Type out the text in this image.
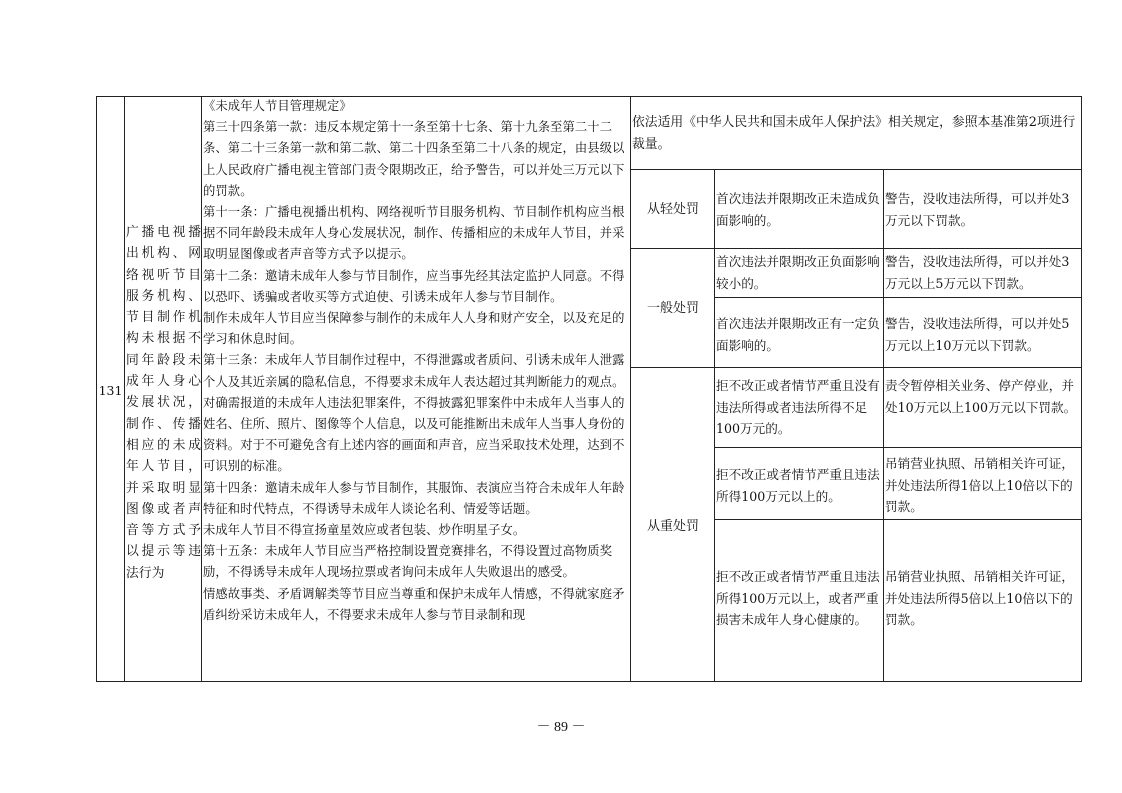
131
广播电视播出机构、网络视听节目服务机构、节目制作机构未根据不同年龄段未成年人身心发展状况，制作、传播相应的未成年人节目，并采取明显图像或者声音等方式予以提示等违法行为

《未成年人节目管理规定》

第三十四条第一款：违反本规定第十一条至第十七条、第十九条至第二十二条、第二十三条第一款和第二款、第二十四条至第二十八条的规定，由县级以上人民政府广播电视主管部门责令限期改正，给予警告，可以并处三万元以下的罚款。

第十一条：广播电视播出机构、网络视听节目服务机构、节目制作机构应当根据不同年龄段未成年人身心发展状况，制作、传播相应的未成年人节目，并采取明显图像或者声音等方式予以提示。

第十二条：邀请未成年人参与节目制作，应当事先经其法定监护人同意。不得以恐吓、诱骗或者收买等方式迫使、引诱未成年人参与节目制作。

制作未成年人节目应当保障参与制作的未成年人人身和财产安全，以及充足的学习和休息时间。

第十三条：未成年人节目制作过程中，不得泄露或者质问、引诱未成年人泄露个人及其近亲属的隐私信息，不得要求未成年人表达超过其判断能力的观点。

对确需报道的未成年人违法犯罪案件，不得披露犯罪案件中未成年人当事人的姓名、住所、照片、图像等个人信息，以及可能推断出未成年人当事人身份的资料。对于不可避免含有上述内容的画面和声音，应当采取技术处理，达到不可识别的标准。

第十四条：邀请未成年人参与节目制作，其服饰、表演应当符合未成年人年龄特征和时代特点，不得诱导未成年人谈论名利、情爱等话题。

未成年人节目不得宣扬童星效应或者包装、炒作明星子女。

第十五条：未成年人节目应当严格控制设置竞赛排名，不得设置过高物质奖励，不得诱导未成年人现场拉票或者询问未成年人失败退出的感受。

情感故事类、矛盾调解类等节目应当尊重和保护未成年人情感，不得就家庭矛盾纠纷采访未成年人，不得要求未成年人参与节目录制和现

依法适用《中华人民共和国未成年人保护法》相关规定，参照本基准第2项进行裁量。
从轻处罚
一般处罚
从重处罚
首次违法并限期改正未造成负面影响的。
警告，没收违法所得，可以并处3万元以下罚款。
首次违法并限期改正负面影响较小的。
警告，没收违法所得，可以并处3万元以上5万元以下罚款。
首次违法并限期改正有一定负面影响的。
警告，没收违法所得，可以并处5万元以上10万元以下罚款。
拒不改正或者情节严重且没有违法所得或者违法所得不足100万元的。
责令暂停相关业务、停产停业，并处10万元以上100万元以下罚款。
拒不改正或者情节严重且违法所得100万元以上的。
吊销营业执照、吊销相关许可证，并处违法所得1倍以上10倍以下的罚款。
拒不改正或者情节严重且违法所得100万元以上，或者严重损害未成年人身心健康的。
吊销营业执照、吊销相关许可证，并处违法所得5倍以上10倍以下的罚款。
－ 89 －
